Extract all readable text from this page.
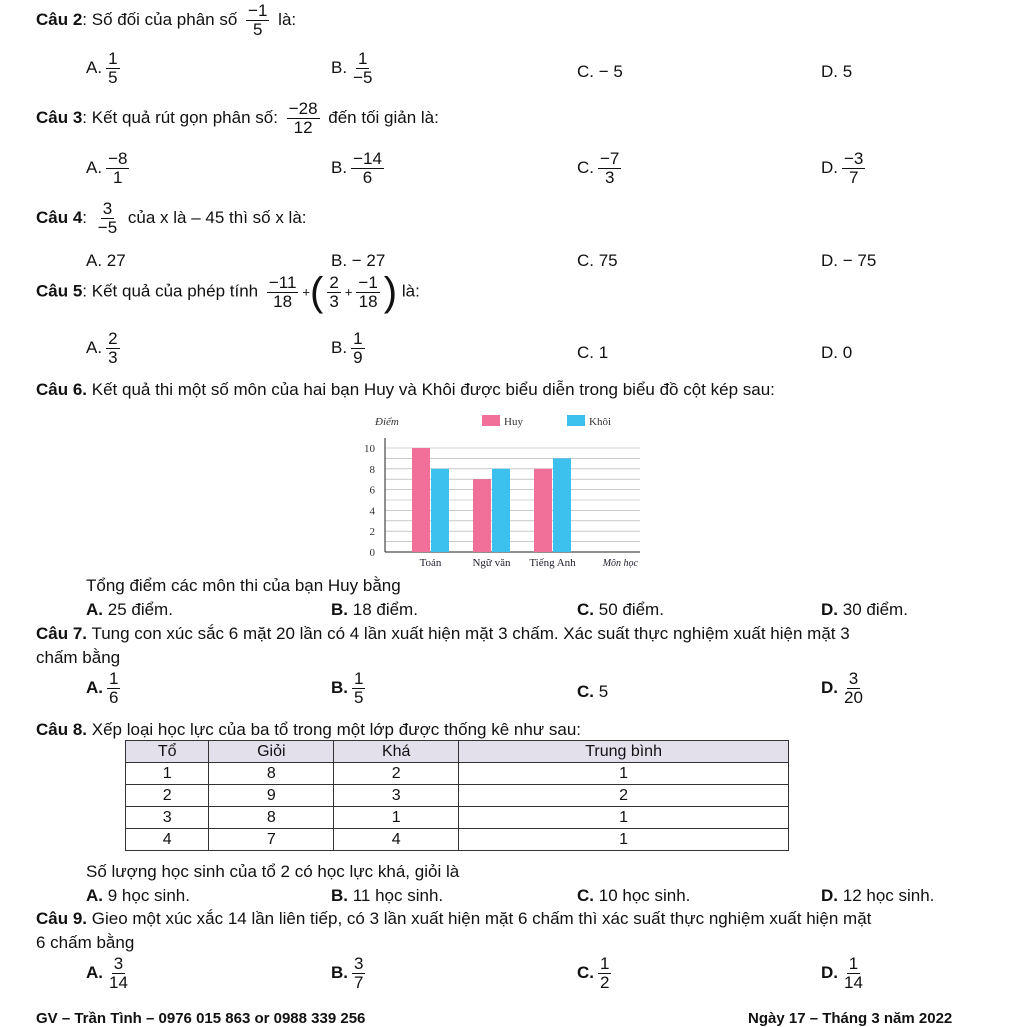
Câu 2: Số đối của phân số $\frac{-1}{5}$ là:
A. $\frac{1}{5}$	B. $\frac{1}{-5}$	C. − 5	D. 5
Câu 3: Kết quả rút gọn phân số: $\frac{-28}{12}$ đến tối giản là:
A. $\frac{-8}{1}$	B. $\frac{-14}{6}$	C. $\frac{-7}{3}$	D. $\frac{-3}{7}$
Câu 4: $\frac{3}{-5}$ của x là – 45 thì số x là:
A. 27	B. − 27	C. 75	D. − 75
Câu 5: Kết quả của phép tính $\frac{-11}{18}$ +( $\frac{2}{3} + \frac{-1}{18}$ ) là:
A. $\frac{2}{3}$	B. $\frac{1}{9}$	C. 1	D. 0
Câu 6. Kết quả thi một số môn của hai bạn Huy và Khôi được biểu diễn trong biểu đồ cột kép sau:
Điểm
0
2
4
6
8
10
Toán	Ngữ văn Tiếng Anh	Môn học
Huy	Khôi
Tổng điểm các môn thi của bạn Huy bằng
A. 25 điểm.	B. 18 điểm.	C. 50 điểm.	D. 30 điểm.
Câu 7. Tung con xúc sắc 6 mặt 20 lần có 4 lần xuất hiện mặt 3 chấm. Xác suất thực nghiệm xuất hiện mặt 3
chấm bằng
A. $\frac{1}{6}$	B. $\frac{1}{5}$	C. 5	D. $\frac{3}{20}$
Câu 8. Xếp loại học lực của ba tổ trong một lớp được thống kê như sau:
Tổ	Giỏi	Khá	Trung bình
1	8	2	1
2	9	3	2
3	8	1	1
4	7	4	1
Số lượng học sinh của tổ 2 có học lực khá, giỏi là
A. 9 học sinh.	B. 11 học sinh.	C. 10 học sinh.	D. 12 học sinh.
Câu 9. Gieo một xúc xắc 14 lần liên tiếp, có 3 lần xuất hiện mặt 6 chấm thì xác suất thực nghiệm xuất hiện mặt
6 chấm bằng
A. $\frac{3}{14}$	B. $\frac{3}{7}$	C. $\frac{1}{2}$	D. $\frac{1}{14}$
GV – Trần Tình – 0976 015 863 or 0988 339 256	Ngày 17 – Tháng 3 năm 2022
